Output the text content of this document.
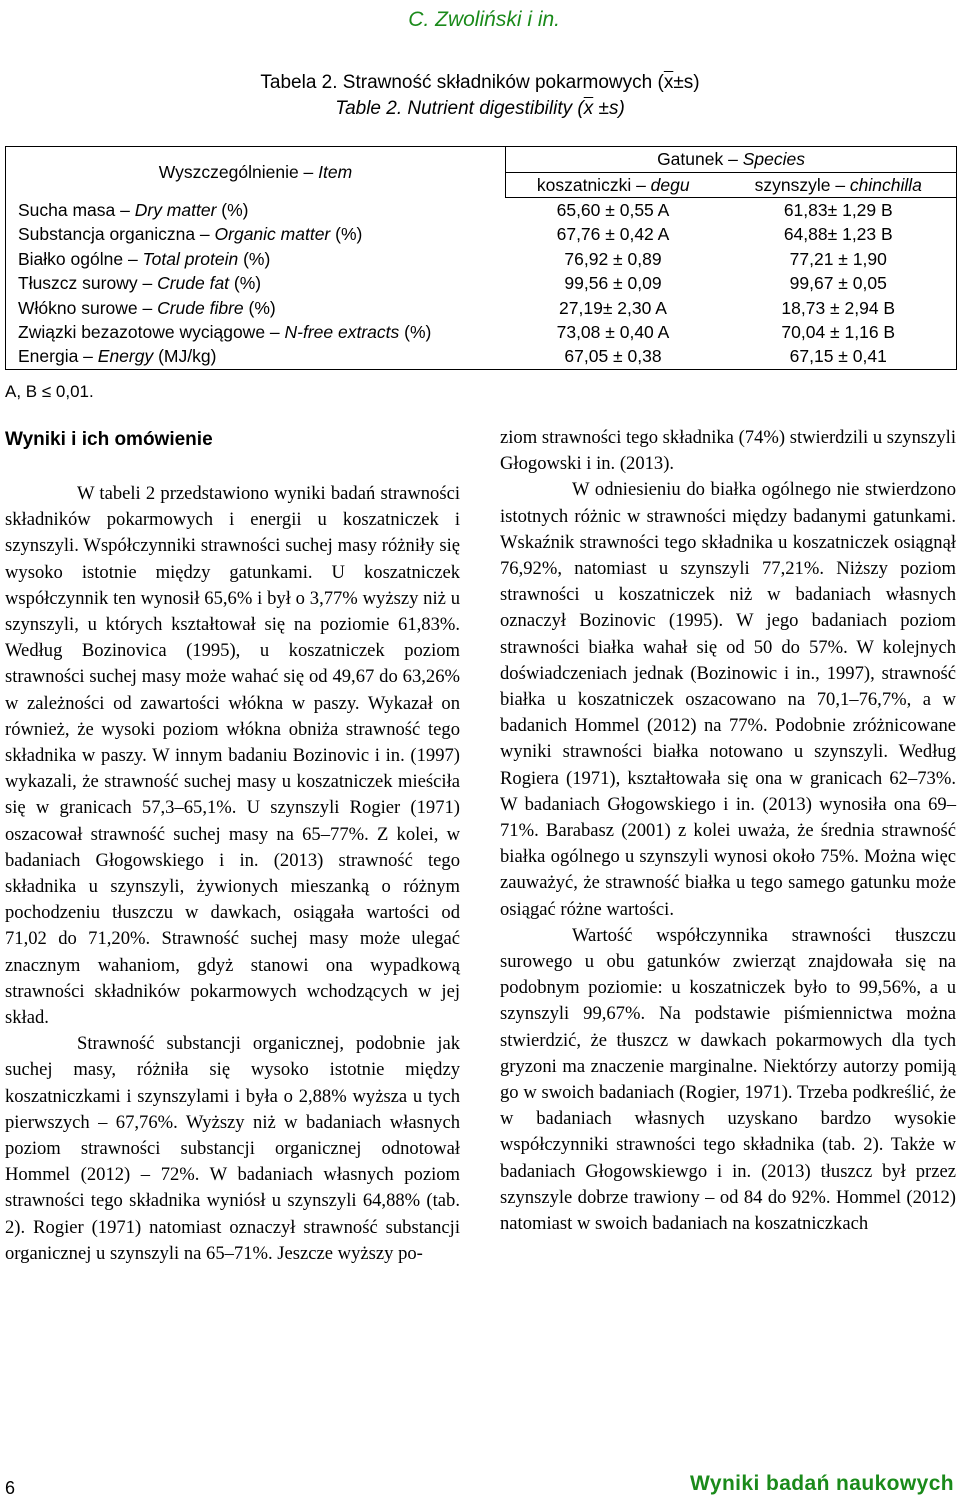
C. Zwoliński i in.
Tabela 2. Strawność składników pokarmowych $(\overline{x}\pm s)$
Table 2. Nutrient digestibility $(\overline{x} \pm s)$
Wyszczególnienie – Item	Gatunek – Species	
	koszatniczki – degu	szynszyle – chinchilla
Sucha masa – Dry matter (%)	65,60 ± 0,55 A	61,83± 1,29 B
Substancja organiczna – Organic matter (%)	67,76 ± 0,42 A	64,88± 1,23 B
Białko ogólne – Total protein (%)	76,92 ± 0,89	77,21 ± 1,90
Tłuszcz surowy – Crude fat (%)	99,56 ± 0,09	99,67 ± 0,05
Włókno surowe – Crude fibre (%)	27,19± 2,30 A	18,73 ± 2,94 B
Związki bezazotowe wyciągowe – N-free extracts (%)	73,08 ± 0,40 A	70,04 ± 1,16 B
Energia – Energy (MJ/kg)	67,05 ± 0,38	67,15 ± 0,41
A, B ≤ 0,01.
Wyniki i ich omówienie

W tabeli 2 przedstawiono wyniki badań strawności składników pokarmowych i energii u koszatniczek i szynszyli. Współczynniki strawności suchej masy różniły się wysoko istotnie między gatunkami. U koszatniczek współczynnik ten wynosił 65,6% i był o 3,77% wyższy niż u szynszyli, u których kształtował się na poziomie 61,83%. Według Bozinovica (1995), u koszatniczek poziom strawności suchej masy może wahać się od 49,67 do 63,26% w zależności od zawartości włókna w paszy. Wykazał on również, że wysoki poziom włókna obniża strawność tego składnika w paszy. W innym badaniu Bozinovic i in. (1997) wykazali, że strawność suchej masy u koszatniczek mieściła się w granicach 57,3–65,1%. U szynszyli Rogier (1971) oszacował strawność suchej masy na 65–77%. Z kolei, w badaniach Głogowskiego i in. (2013) strawność tego składnika u szynszyli, żywionych mieszanką o różnym pochodzeniu tłuszczu w dawkach, osiągała wartości od 71,02 do 71,20%. Strawność suchej masy może ulegać znacznym wahaniom, gdyż stanowi ona wypadkową strawności składników pokarmowych wchodzących w jej skład.

Strawność substancji organicznej, podobnie jak suchej masy, różniła się wysoko istotnie między koszatniczkami i szynszylami i była o 2,88% wyższa u tych pierwszych – 67,76%. Wyższy niż w badaniach własnych poziom strawności substancji organicznej odnotował Hommel (2012) – 72%. W badaniach własnych poziom strawności tego składnika wyniósł u szynszyli 64,88% (tab. 2). Rogier (1971) natomiast oznaczył strawność substancji organicznej u szynszyli na 65–71%. Jeszcze wyższy po-

ziom strawności tego składnika (74%) stwierdzili u szynszyli Głogowski i in. (2013).

W odniesieniu do białka ogólnego nie stwierdzono istotnych różnic w strawności między badanymi gatunkami. Wskaźnik strawności tego składnika u koszatniczek osiągnął 76,92%, natomiast u szynszyli 77,21%. Niższy poziom strawności u koszatniczek niż w badaniach własnych oznaczył Bozinovic (1995). W jego badaniach poziom strawności białka wahał się od 50 do 57%. W kolejnych doświadczeniach jednak (Bozinowic i in., 1997), strawność białka u koszatniczek oszacowano na 70,1–76,7%, a w badanich Hommel (2012) na 77%. Podobnie zróżnicowane wyniki strawności białka notowano u szynszyli. Według Rogiera (1971), kształtowała się ona w granicach 62–73%. W badaniach Głogowskiego i in. (2013) wynosiła ona 69–71%. Barabasz (2001) z kolei uważa, że średnia strawność białka ogólnego u szynszyli wynosi około 75%. Można więc zauważyć, że strawność białka u tego samego gatunku może osiągać różne wartości.

Wartość współczynnika strawności tłuszczu surowego u obu gatunków zwierząt znajdowała się na podobnym poziomie: u koszatniczek było to 99,56%, a u szynszyli 99,67%. Na podstawie piśmiennictwa można stwierdzić, że tłuszcz w dawkach pokarmowych dla tych gryzoni ma znaczenie marginalne. Niektórzy autorzy pomiją go w swoich badaniach (Rogier, 1971). Trzeba podkreślić, że w badaniach własnych uzyskano bardzo wysokie współczynniki strawności tego składnika (tab. 2). Także w badaniach Głogowskiewgo i in. (2013) tłuszcz był przez szynszyle dobrze trawiony – od 84 do 92%. Hommel (2012) natomiast w swoich badaniach na koszatniczkach

6	Wyniki badań naukowych
